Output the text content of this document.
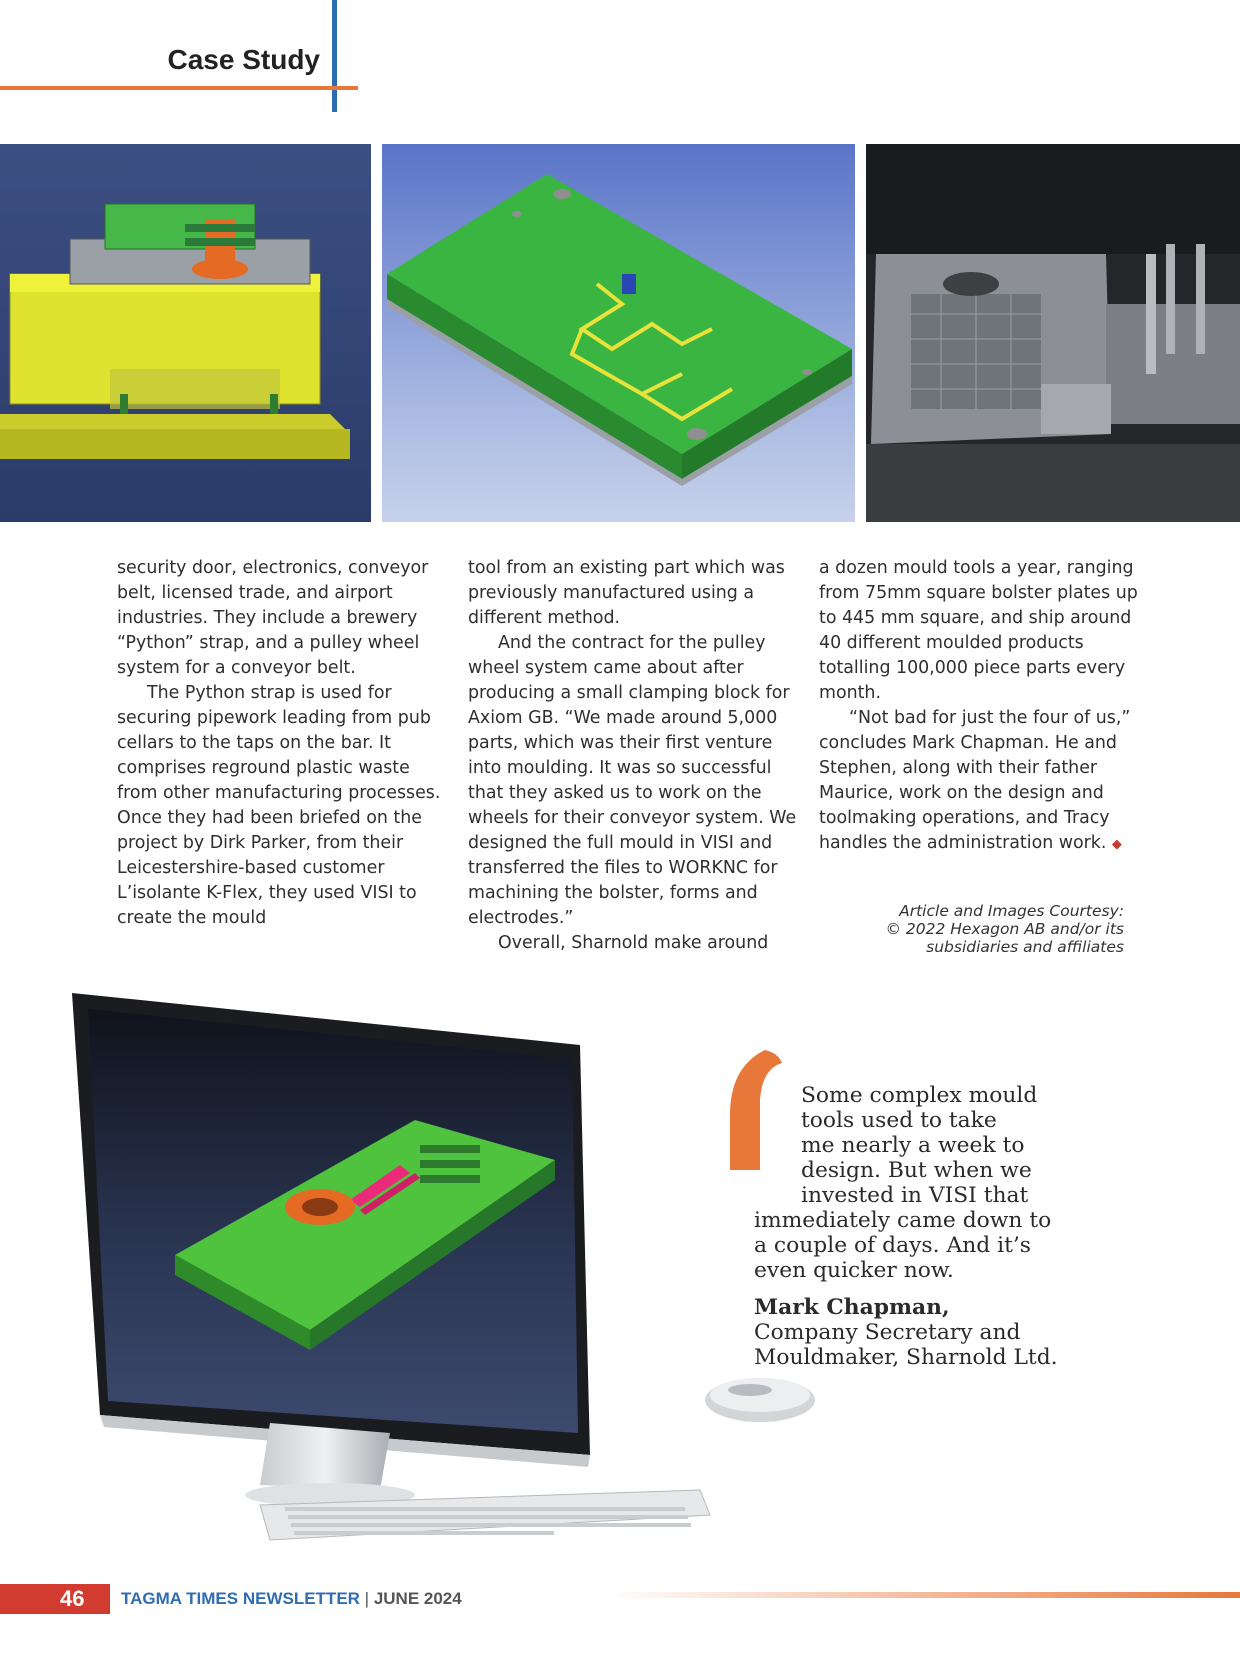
Case Study

security door, electronics, conveyor belt, licensed trade, and airport industries. They include a brewery “Python” strap, and a pulley wheel system for a conveyor belt.

The Python strap is used for securing pipework leading from pub cellars to the taps on the bar. It comprises reground plastic waste from other manufacturing processes. Once they had been briefed on the project by Dirk Parker, from their Leicestershire-based customer L’isolante K-Flex, they used VISI to create the mould

tool from an existing part which was previously manufactured using a different method.

And the contract for the pulley wheel system came about after producing a small clamping block for Axiom GB. “We made around 5,000 parts, which was their first venture into moulding. It was so successful that they asked us to work on the wheels for their conveyor system. We designed the full mould in VISI and transferred the files to WORKNC for machining the bolster, forms and electrodes.”

Overall, Sharnold make around

a dozen mould tools a year, ranging from 75mm square bolster plates up to 445 mm square, and ship around 40 different moulded products totalling 100,000 piece parts every month.

“Not bad for just the four of us,” concludes Mark Chapman. He and Stephen, along with their father Maurice, work on the design and toolmaking operations, and Tracy handles the administration work. ◆

Article and Images Courtesy:
© 2022 Hexagon AB and/or its
subsidiaries and affiliates
Some complex mould
tools used to take
me nearly a week to
design. But when we
invested in VISI that
immediately came down to
a couple of days. And it’s
even quicker now.
Mark Chapman,
Company Secretary and
Mouldmaker, Sharnold Ltd.
46	TAGMA TIMES NEWSLETTER | JUNE 2024
